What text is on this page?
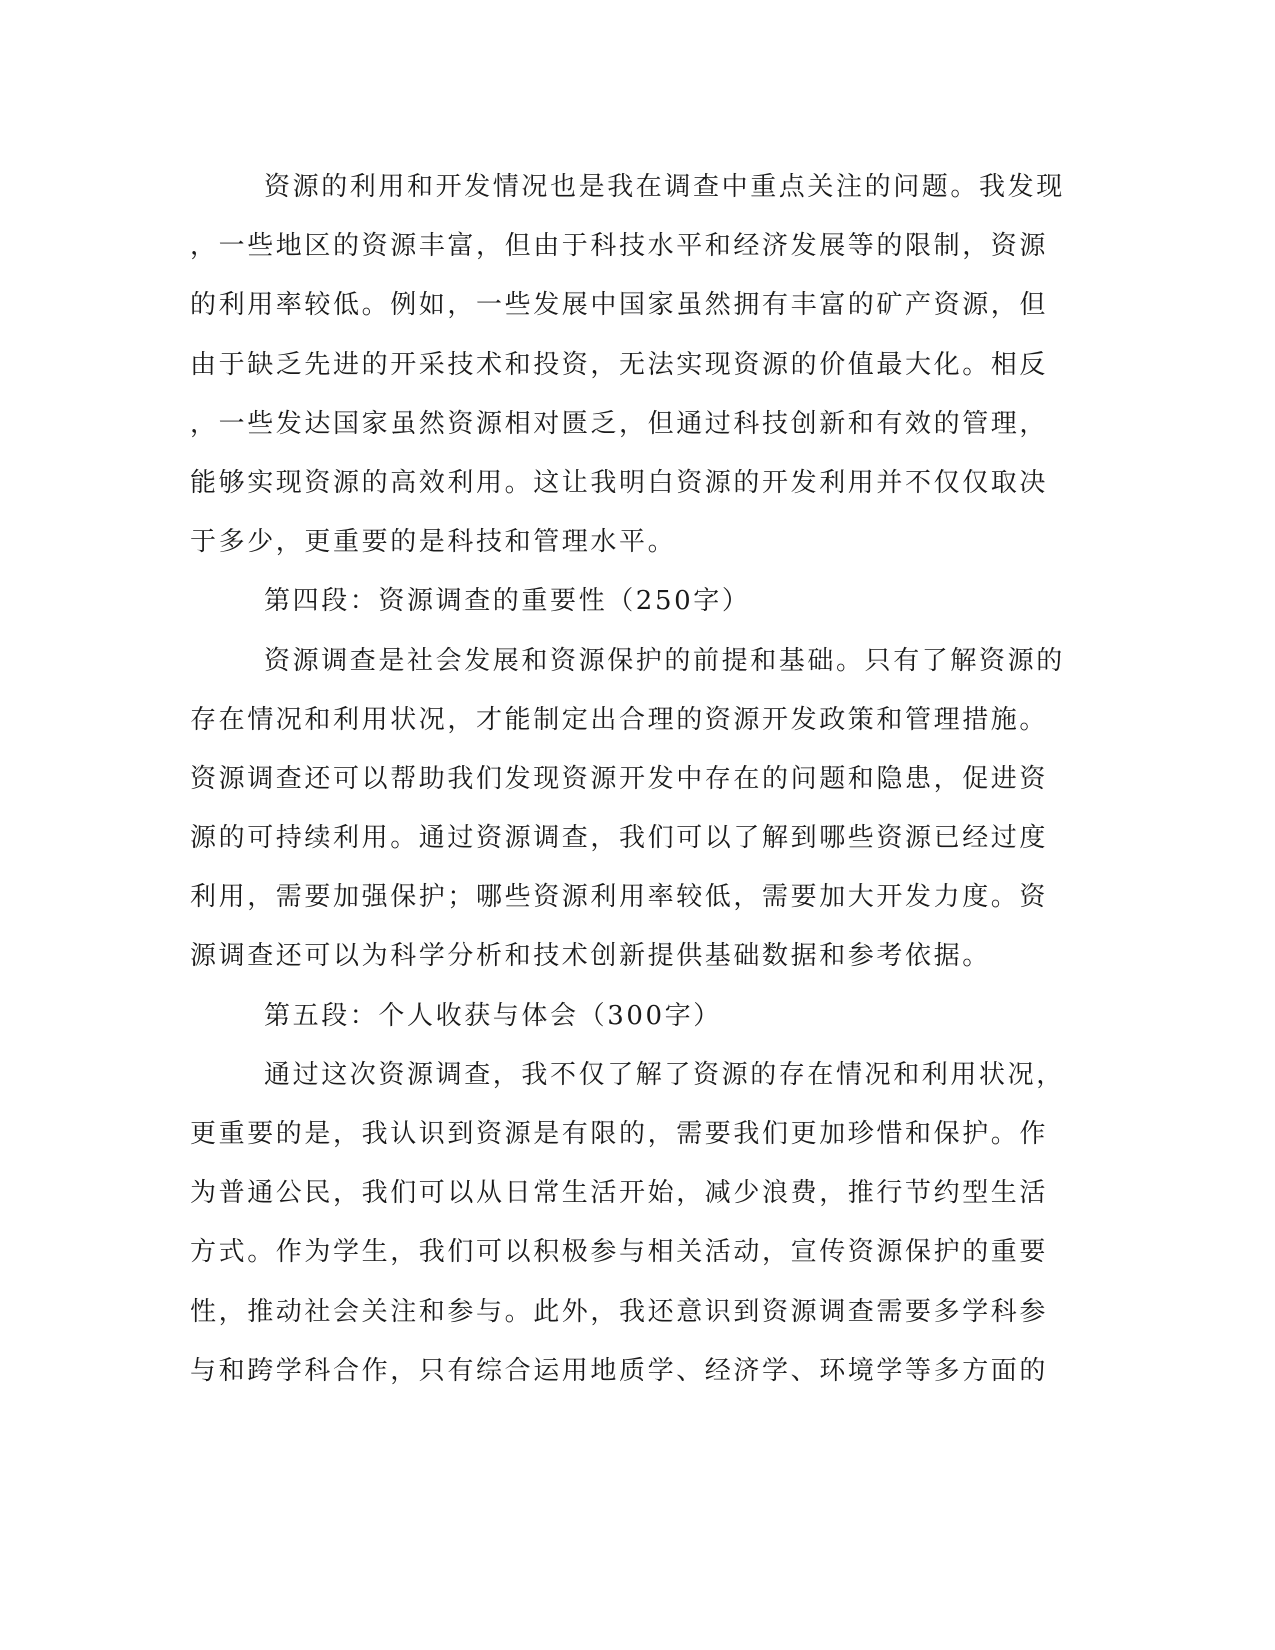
资源的利用和开发情况也是我在调查中重点关注的问题。我发现
，一些地区的资源丰富，但由于科技水平和经济发展等的限制，资源
的利用率较低。例如，一些发展中国家虽然拥有丰富的矿产资源，但
由于缺乏先进的开采技术和投资，无法实现资源的价值最大化。相反
，一些发达国家虽然资源相对匮乏，但通过科技创新和有效的管理，
能够实现资源的高效利用。这让我明白资源的开发利用并不仅仅取决
于多少，更重要的是科技和管理水平。
第四段：资源调查的重要性（250字）
资源调查是社会发展和资源保护的前提和基础。只有了解资源的
存在情况和利用状况，才能制定出合理的资源开发政策和管理措施。
资源调查还可以帮助我们发现资源开发中存在的问题和隐患，促进资
源的可持续利用。通过资源调查，我们可以了解到哪些资源已经过度
利用，需要加强保护；哪些资源利用率较低，需要加大开发力度。资
源调查还可以为科学分析和技术创新提供基础数据和参考依据。
第五段：个人收获与体会（300字）
通过这次资源调查，我不仅了解了资源的存在情况和利用状况，
更重要的是，我认识到资源是有限的，需要我们更加珍惜和保护。作
为普通公民，我们可以从日常生活开始，减少浪费，推行节约型生活
方式。作为学生，我们可以积极参与相关活动，宣传资源保护的重要
性，推动社会关注和参与。此外，我还意识到资源调查需要多学科参
与和跨学科合作，只有综合运用地质学、经济学、环境学等多方面的
